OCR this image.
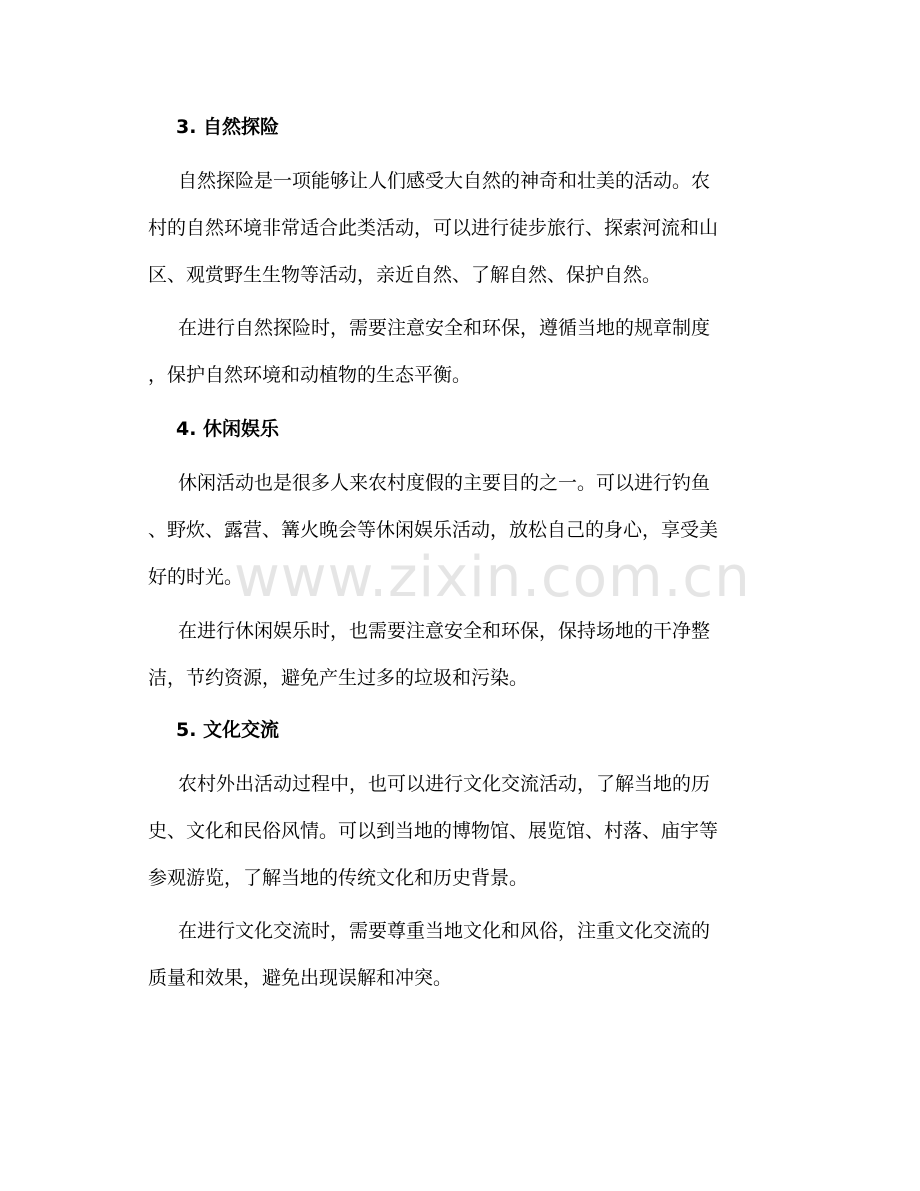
3. 自然探险

自然探险是一项能够让人们感受大自然的神奇和壮美的活动。农
村的自然环境非常适合此类活动，可以进行徒步旅行、探索河流和山
区、观赏野生生物等活动，亲近自然、了解自然、保护自然。

在进行自然探险时，需要注意安全和环保，遵循当地的规章制度
，保护自然环境和动植物的生态平衡。

4. 休闲娱乐

休闲活动也是很多人来农村度假的主要目的之一。可以进行钓鱼
、野炊、露营、篝火晚会等休闲娱乐活动，放松自己的身心，享受美
好的时光。

在进行休闲娱乐时，也需要注意安全和环保，保持场地的干净整
洁，节约资源，避免产生过多的垃圾和污染。

5. 文化交流

农村外出活动过程中，也可以进行文化交流活动，了解当地的历
史、文化和民俗风情。可以到当地的博物馆、展览馆、村落、庙宇等
参观游览，了解当地的传统文化和历史背景。

在进行文化交流时，需要尊重当地文化和风俗，注重文化交流的
质量和效果，避免出现误解和冲突。

www.zixin.com.cn
